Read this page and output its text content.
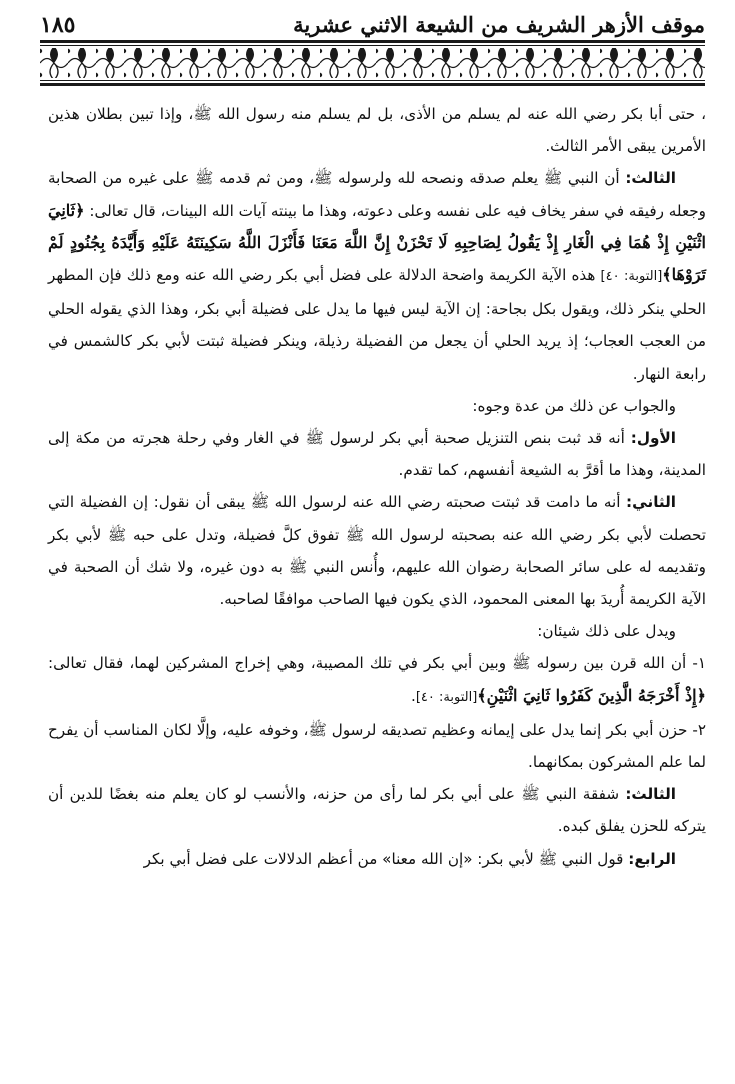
١٨٥	موقف الأزهر الشريف من الشيعة الاثني عشرية

، حتى أبا بكر رضي الله عنه لم يسلم من الأذى، بل لم يسلم منه رسول الله ﷺ، وإذا تبين بطلان هذين الأمرين يبقى الأمر الثالث.

الثالث: أن النبي ﷺ يعلم صدقه ونصحه لله ولرسوله ﷺ، ومن ثم قدمه ﷺ على غيره من الصحابة وجعله رفيقه في سفر يخاف فيه على نفسه وعلى دعوته، وهذا ما بينته آيات الله البينات، قال تعالى: ﴿ثَانِيَ اثْنَيْنِ إِذْ هُمَا فِي الْغَارِ إِذْ يَقُولُ لِصَاحِبِهِ لَا تَحْزَنْ إِنَّ اللَّهَ مَعَنَا فَأَنْزَلَ اللَّهُ سَكِينَتَهُ عَلَيْهِ وَأَيَّدَهُ بِجُنُودٍ لَمْ تَرَوْهَا﴾[التوبة: ٤٠] هذه الآية الكريمة واضحة الدلالة على فضل أبي بكر رضي الله عنه ومع ذلك فإن المطهر الحلي ينكر ذلك، ويقول بكل بجاحة: إن الآية ليس فيها ما يدل على فضيلة أبي بكر، وهذا الذي يقوله الحلي من العجب العجاب؛ إذ يريد الحلي أن يجعل من الفضيلة رذيلة، وينكر فضيلة ثبتت لأبي بكر كالشمس في رابعة النهار.

والجواب عن ذلك من عدة وجوه:

الأول: أنه قد ثبت بنص التنزيل صحبة أبي بكر لرسول ﷺ في الغار وفي رحلة هجرته من مكة إلى المدينة، وهذا ما أقرَّ به الشيعة أنفسهم، كما تقدم.

الثاني: أنه ما دامت قد ثبتت صحبته رضي الله عنه لرسول الله ﷺ يبقى أن نقول: إن الفضيلة التي تحصلت لأبي بكر رضي الله عنه بصحبته لرسول الله ﷺ تفوق كلَّ فضيلة، وتدل على حبه ﷺ لأبي بكر وتقديمه له على سائر الصحابة رضوان الله عليهم، وأُنس النبي ﷺ به دون غيره، ولا شك أن الصحبة في الآية الكريمة أُريدَ بها المعنى المحمود، الذي يكون فيها الصاحب موافقًا لصاحبه.

ويدل على ذلك شيئان:

١- أن الله قرن بين رسوله ﷺ وبين أبي بكر في تلك المصيبة، وهي إخراج المشركين لهما، فقال تعالى: ﴿إِذْ أَخْرَجَهُ الَّذِينَ كَفَرُوا ثَانِيَ اثْنَيْنِ﴾[التوبة: ٤٠].

٢- حزن أبي بكر إنما يدل على إيمانه وعظيم تصديقه لرسول ﷺ، وخوفه عليه، وإلَّا لكان المناسب أن يفرح لما علم المشركون بمكانهما.

الثالث: شفقة النبي ﷺ على أبي بكر لما رأى من حزنه، والأنسب لو كان يعلم منه بغضًا للدين أن يتركه للحزن يفلق كبده.

الرابع: قول النبي ﷺ لأبي بكر: «إن الله معنا» من أعظم الدلالات على فضل أبي بكر
